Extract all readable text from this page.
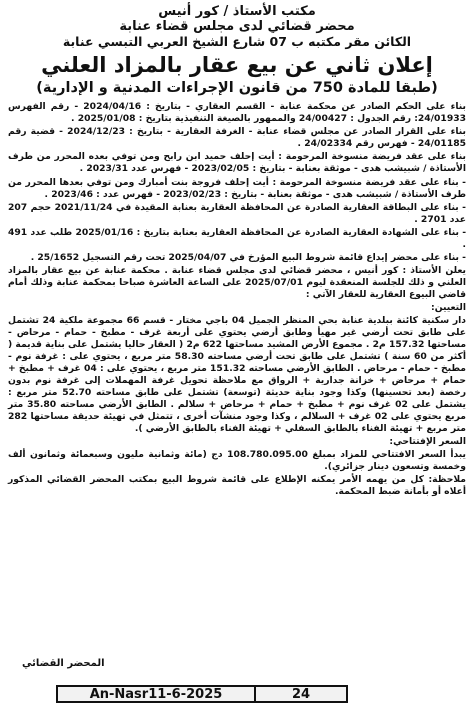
مكتب الأستاذ / كور أنيس
محضر قضائي لدى مجلس قضاء عنابة
الكائن مقر مكتبه ب 07 شارع الشيخ العربي التبسي عنابة
إعلان ثاني عن بيع عقار بالمزاد العلني
(طبقا للمادة 750 من قانون الإجراءات المدنية و الإدارية)

بناء على الحكم الصادر عن محكمة عنابة - القسم العقاري - بتاريخ : 2024/04/16 - رقم الفهرس 24/01933: رقم الجدول : 24/00427 والممهور بالصيغة التنفيذية بتاريخ : 2025/01/08 .

بناء على القرار الصادر عن مجلس قضاء عنابة - الغرفة العقارية - بتاريخ : 2024/12/23 - قضية رقم 24/01185 - فهرس رقم 24/02334 .

بناء على عقد فريضة منسوخة المرحومة : أيت إحلف حميد ابن رابح ومن توفي بعده المحرر من طرف الأستاذة / شبيشب هدى - موثقة بعنابة - بتاريخ : 2023/02/05 - فهرس عدد 2023/31 .

- بناء على عقد فريضة منسوخة المرحومة : أيت إحلف فروجة بنت أمبارك ومن توفي بعدها المحرر من طرف الأستاذة / شبيشب هدى - موثقة بعنابة - بتاريخ : 2023/02/23 - فهرس عدد : 2023/46 .

- بناء على البطاقة العقارية الصادرة عن المحافظة العقارية بعنابة المقيدة في 2021/11/24 حجم 207 عدد 2701 .

- بناء على الشهادة العقارية الصادرة عن المحافظة العقارية بعنابة بتاريخ : 2025/01/16 طلب عدد 491 .

- بناء على محضر إيداع قائمة شروط البيع المؤرخ في 2025/04/07 تحت رقم التسجيل 25/1652 .

يعلن الأستاذ : كور أنيس ، محضر قضائي لدى مجلس قضاء عنابة . محكمة عنابة عن بيع عقار بالمزاد العلني و ذلك للجلسة المنعقدة ليوم 2025/07/01 على الساعة العاشرة صباحا بمحكمة عنابة وذلك أمام قاضي البيوع العقارية للعقار الآتي :

التعيين:

دار سكنية كائنة ببلدية عنابة بحي المنظر الجميل 04 باجي مختار - قسم 66 مجموعة ملكية 24 تشتمل على طابق تحت أرضي غير مهيأ وطابق أرضي يحتوي على أربعة غرف - مطبخ - حمام - مرحاض - مساحتها 157.32 م2 . مجموع الأرض المشيد مساحتها 622 م2 ( العقار حاليا يشتمل على بناية قديمة ( أكثر من 60 سنة ) تشتمل على طابق تحت أرضي مساحته 58.30 متر مربع ، يحتوي على : غرفة نوم - مطبخ - حمام - مرحاض . الطابق الأرضي مساحته 151.32 متر مربع ، يحتوي على : 04 غرف + مطبخ + حمام + مرحاض + خزانة جدارية + الرواق مع ملاحظة تحويل غرفة المهملات إلى غرفة نوم بدون رخصة (بعد تحسينها) وكذا وجود بناية حديثة (توسعة) تشتمل على طابق مساحته 52.70 متر مربع : يشتمل على 02 غرف نوم + مطبخ + حمام + مرحاض + سلالم . الطابق الأرضي مساحته 35.80 متر مربع يحتوي على 02 غرف + السلالم ، وكذا وجود منشآت أخرى ، تتمثل في تهيئة حديقة مساحتها 282 متر مربع + تهيئة الفناء بالطابق السفلي + تهيئة الفناء بالطابق الأرضي ).

السعر الإفتتاحي:

يبدأ السعر الافتتاحي للمزاد بمبلغ 108.780.095.00 دج (مائة وثمانية مليون وسبعمائة وثمانون ألف وخمسة وتسعون دينار جزائري).

ملاحظة: كل من يهمه الأمر يمكنه الإطلاع على قائمة شروط البيع بمكتب المحضر القضائي المذكور أعلاه أو بأمانة ضبط المحكمة.

المحضر القضائي
An-Nasr11-6-2025	24
